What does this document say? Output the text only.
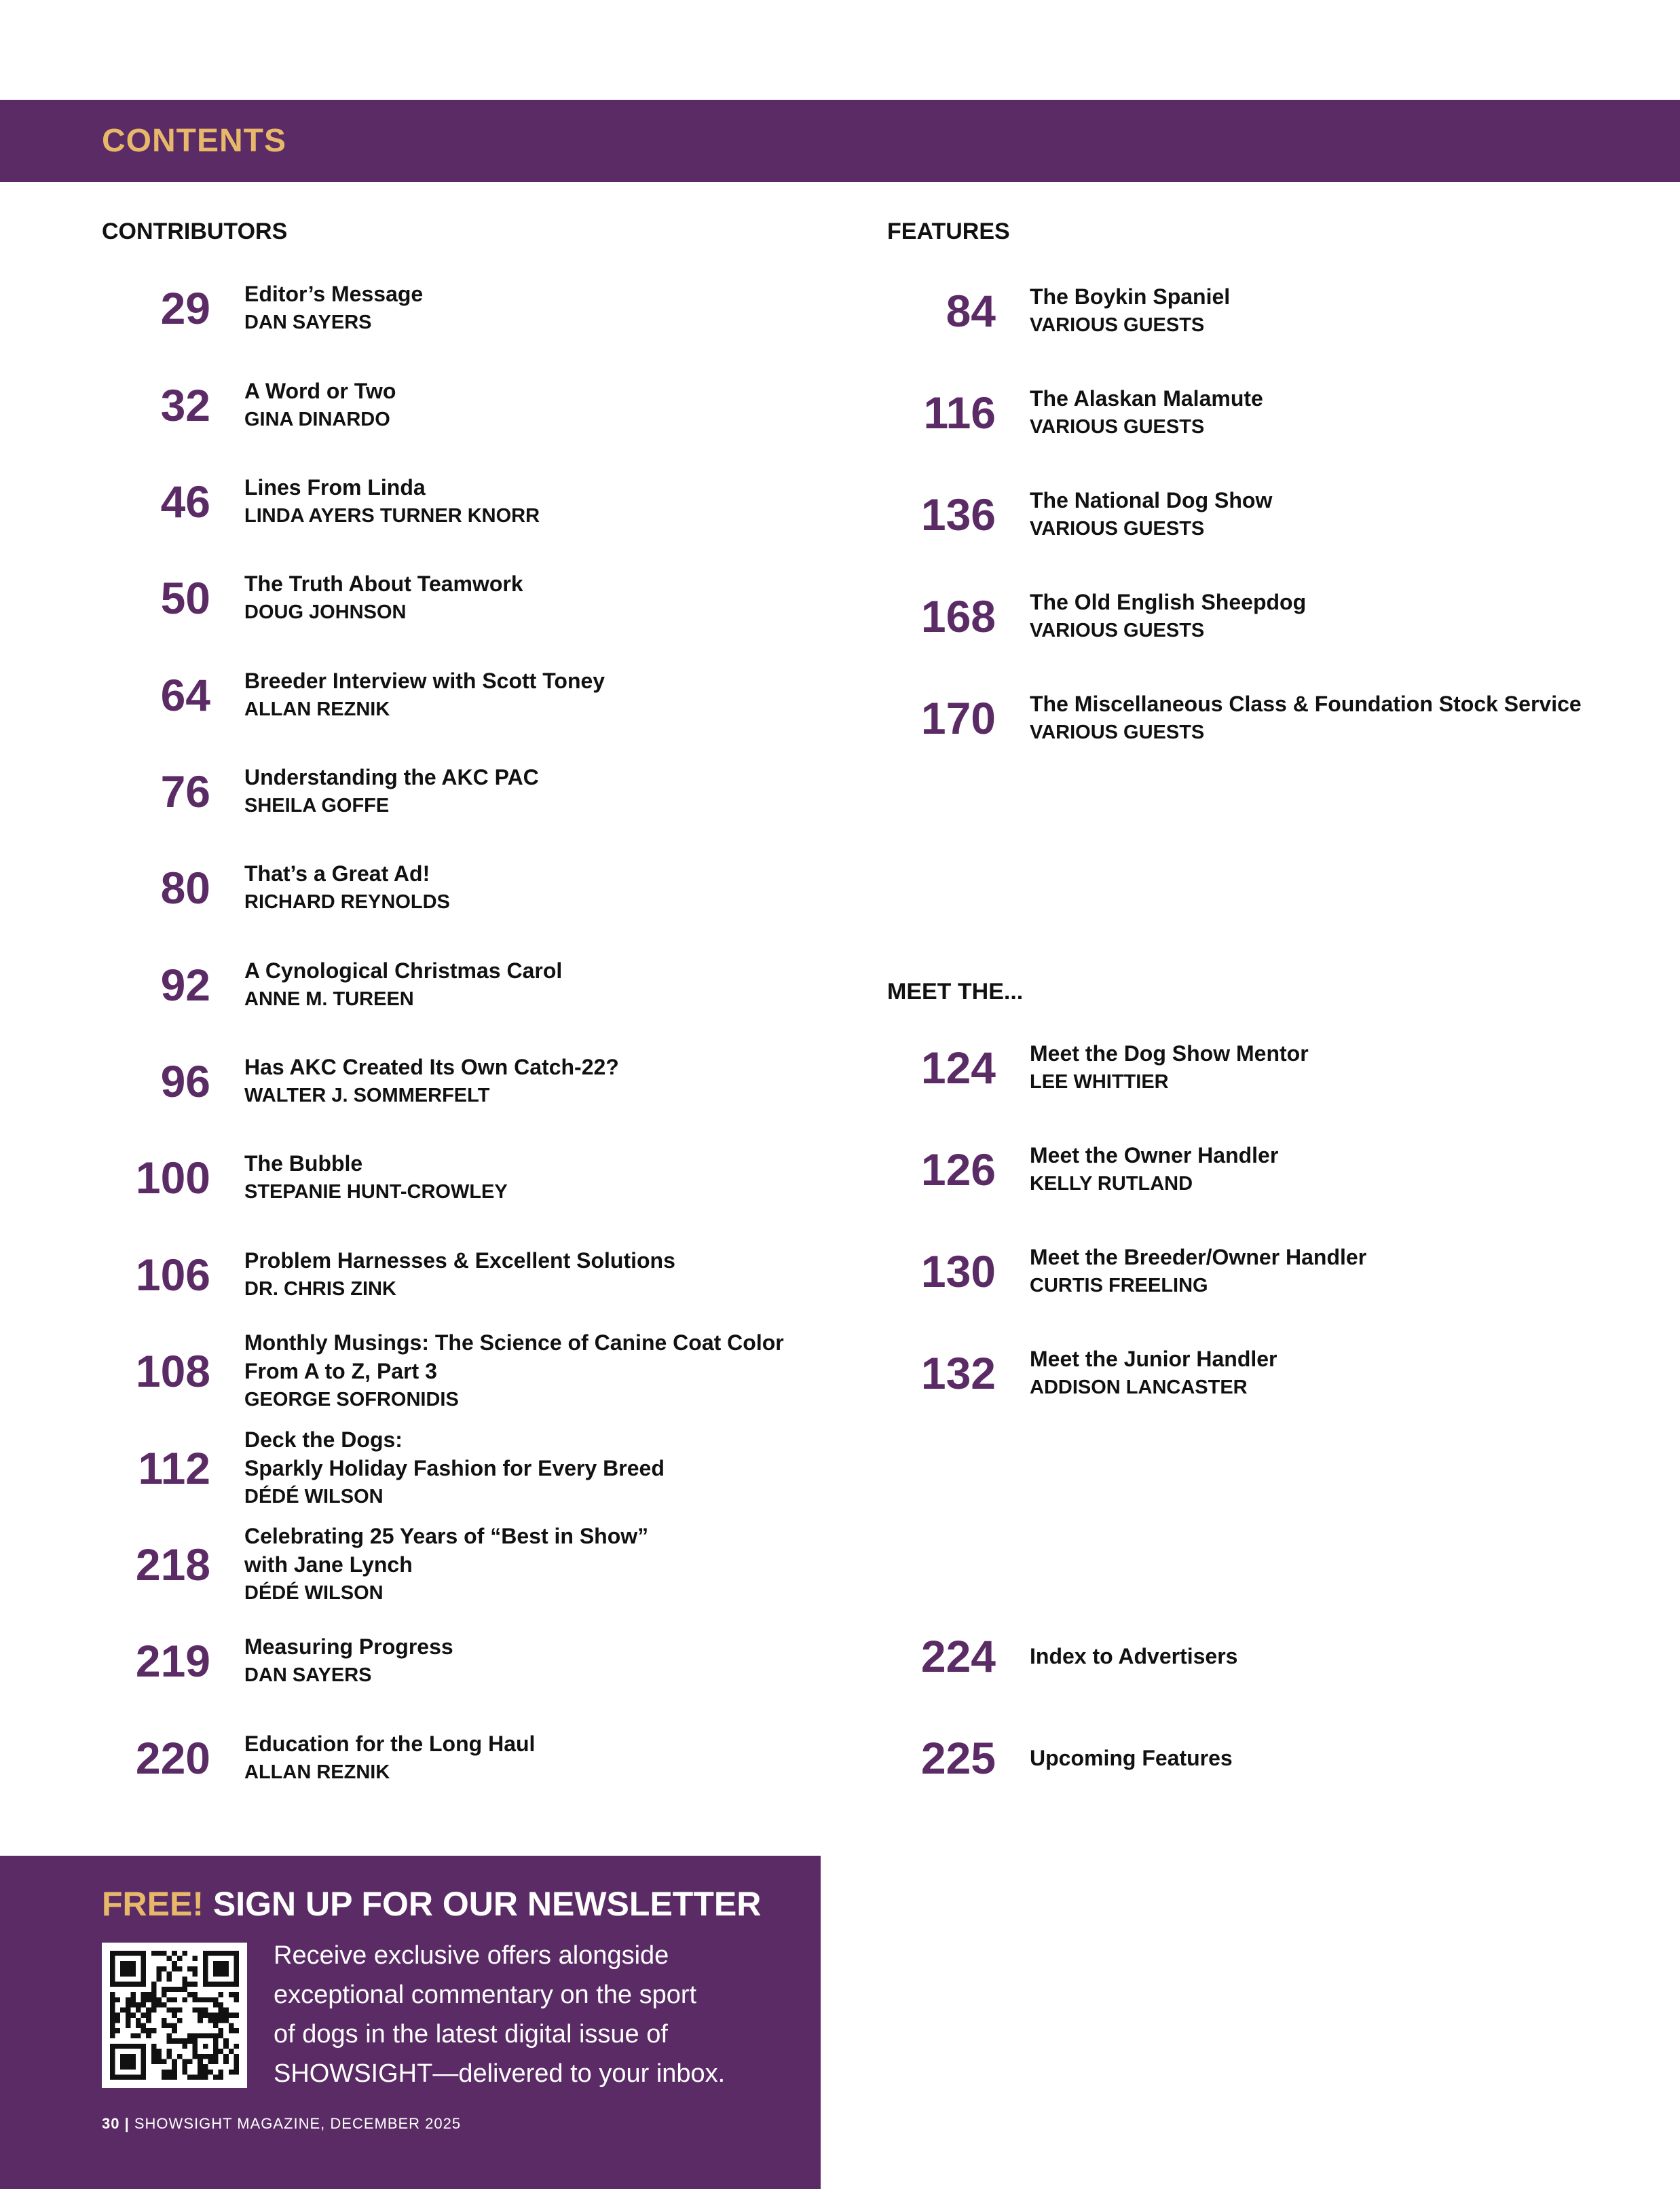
CONTENTS
CONTRIBUTORS	FEATURES
MEET THE...
29 Editor’s Message
DAN SAYERS
32 A Word or Two
GINA DINARDO
46 Lines From Linda
LINDA AYERS TURNER KNORR
50 The Truth About Teamwork
DOUG JOHNSON
64 Breeder Interview with Scott Toney
ALLAN REZNIK
76 Understanding the AKC PAC
SHEILA GOFFE
80 That’s a Great Ad!
RICHARD REYNOLDS
92 A Cynological Christmas Carol
ANNE M. TUREEN
96 Has AKC Created Its Own Catch-22?
WALTER J. SOMMERFELT
100 The Bubble
STEPANIE HUNT-CROWLEY
106 Problem Harnesses & Excellent Solutions
DR. CHRIS ZINK
108
Monthly Musings: The Science of Canine Coat Color
From A to Z, Part 3
GEORGE SOFRONIDIS
112
Deck the Dogs:
Sparkly Holiday Fashion for Every Breed
DÉDÉ WILSON
218
Celebrating 25 Years of “Best in Show”
with Jane Lynch
DÉDÉ WILSON
219 Measuring Progress
DAN SAYERS
220 Education for the Long Haul
ALLAN REZNIK
84 The Boykin Spaniel
VARIOUS GUESTS
116 The Alaskan Malamute
VARIOUS GUESTS
136 The National Dog Show
VARIOUS GUESTS
168 The Old English Sheepdog
VARIOUS GUESTS
170 The Miscellaneous Class & Foundation Stock Service
VARIOUS GUESTS
124 Meet the Dog Show Mentor
LEE WHITTIER
126 Meet the Owner Handler
KELLY RUTLAND
130 Meet the Breeder/Owner Handler
CURTIS FREELING
132 Meet the Junior Handler
ADDISON LANCASTER
224 Index to Advertisers
225 Upcoming Features
FREE! SIGN UP FOR OUR NEWSLETTER
Receive exclusive offers alongside
exceptional commentary on the sport
of dogs in the latest digital issue of
SHOWSIGHT—delivered to your inbox.
30 | SHOWSIGHT MAGAZINE, DECEMBER 2025
